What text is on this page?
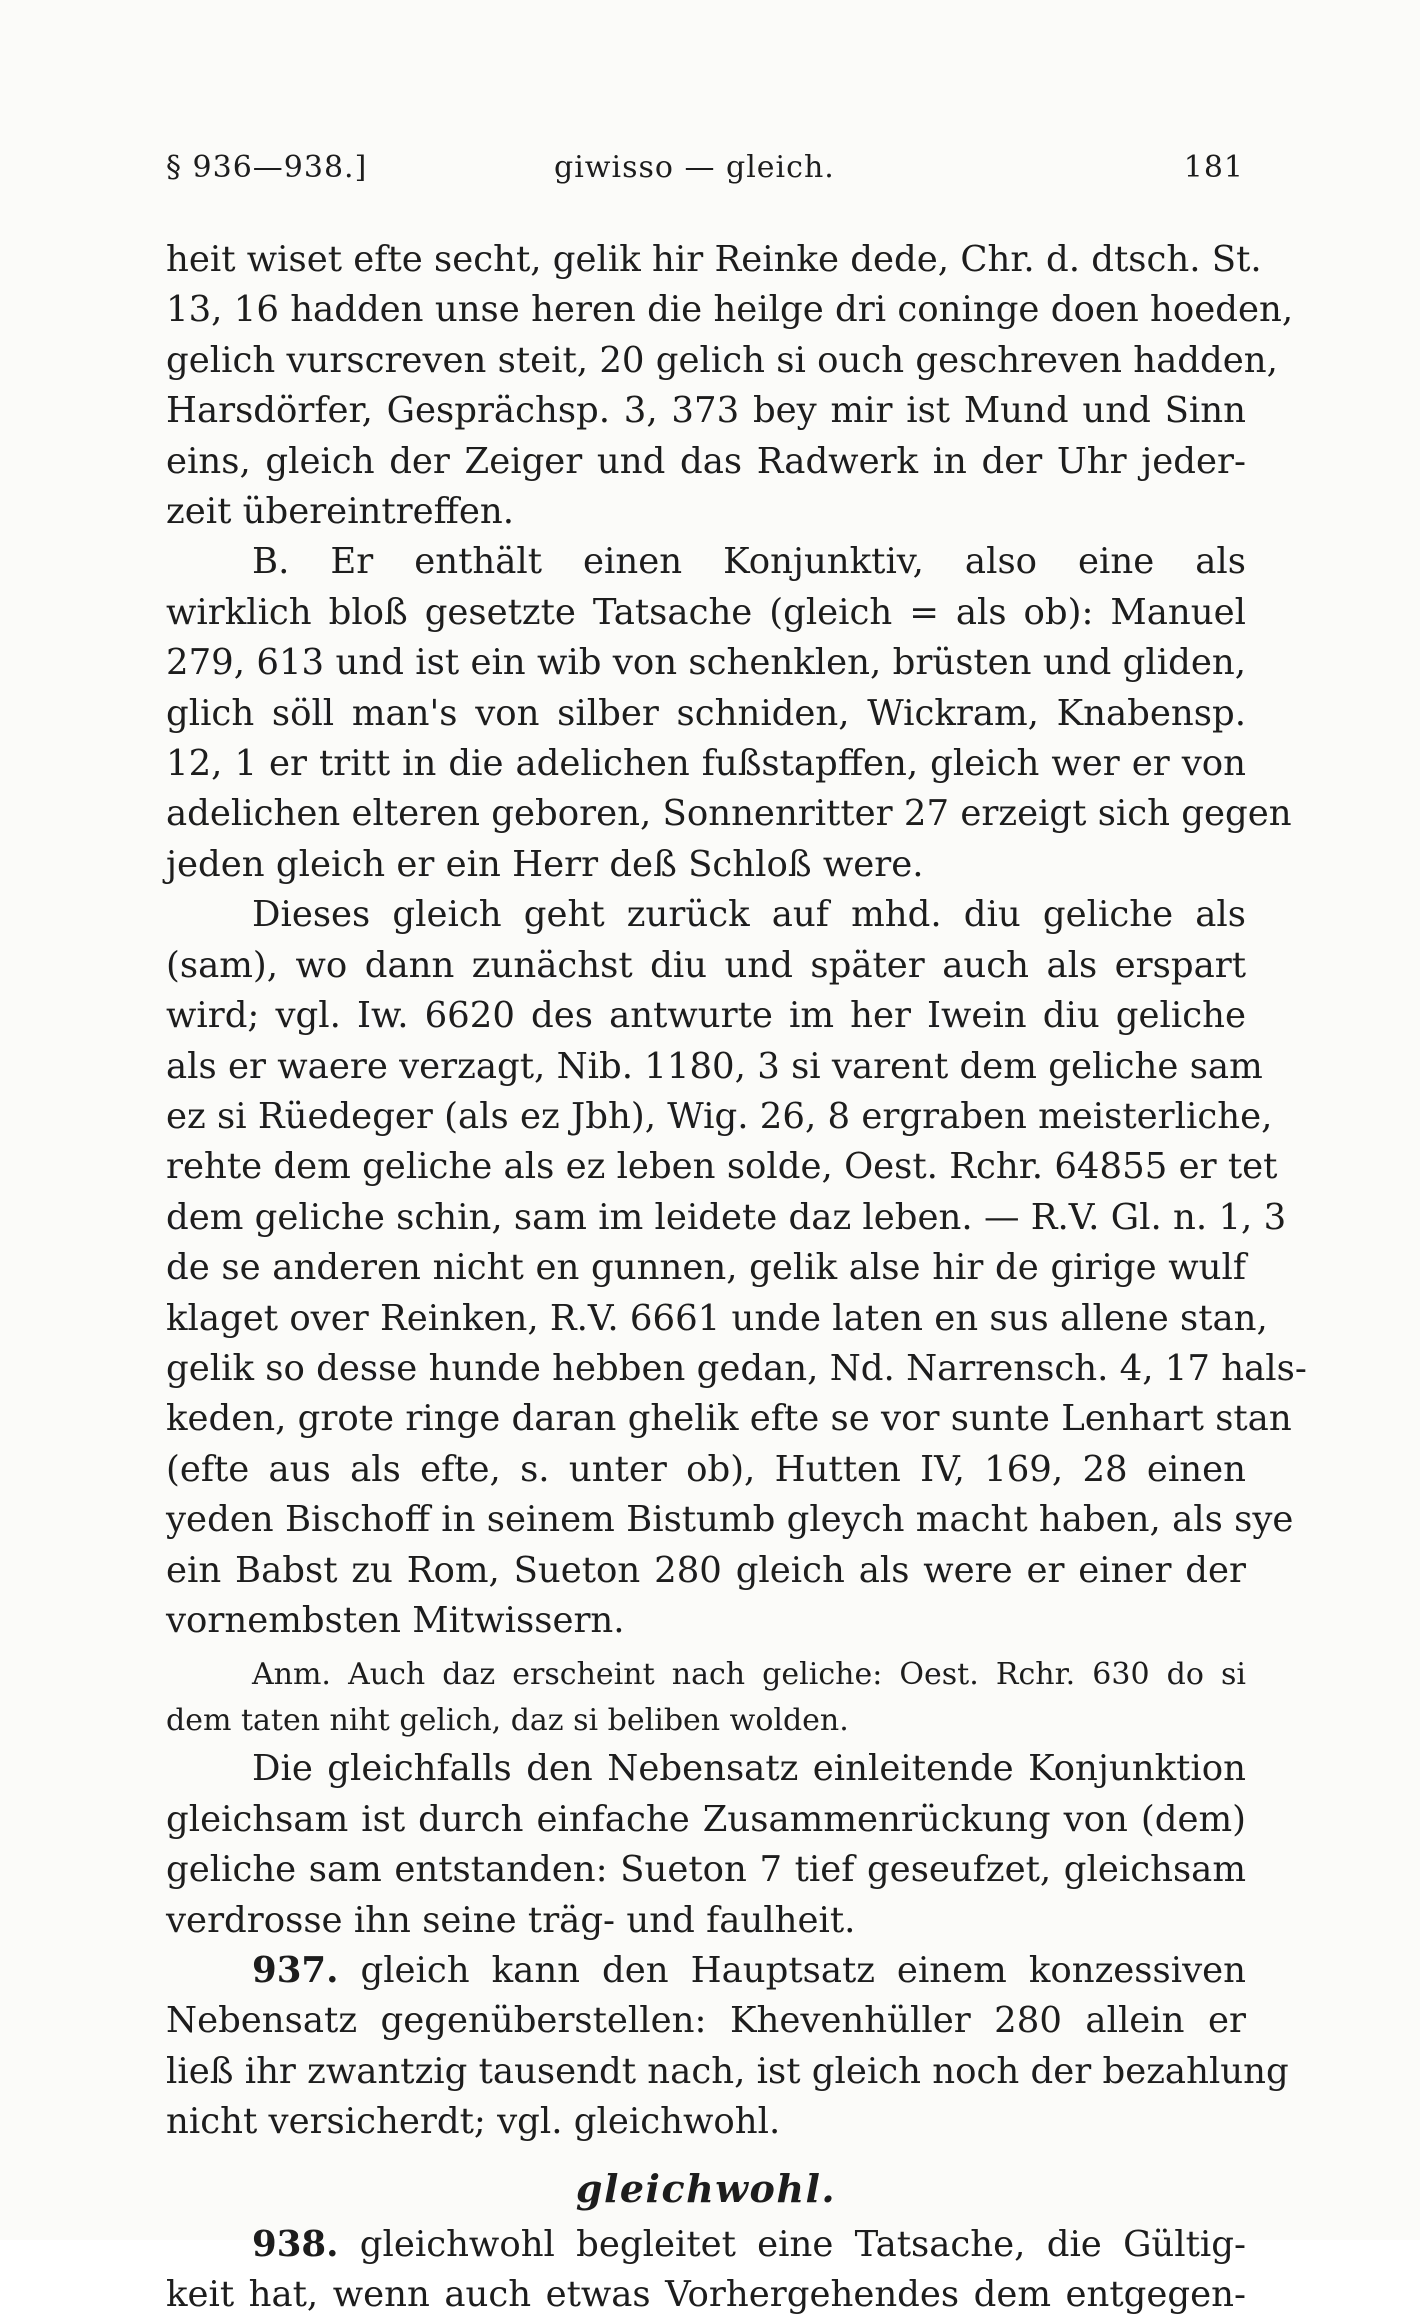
§ 936—938.]	giwisso — gleich.	181
heit wiset efte secht, gelik hir Reinke dede, Chr. d. dtsch. St.
13, 16 hadden unse heren die heilge dri coninge doen hoeden,
gelich vurscreven steit, 20 gelich si ouch geschreven hadden,
Harsdörfer, Gesprächsp. 3, 373 bey mir ist Mund und Sinn
eins, gleich der Zeiger und das Radwerk in der Uhr jeder-
zeit übereintreffen.
B. Er enthält einen Konjunktiv, also eine als
wirklich bloß gesetzte Tatsache (gleich = als ob): Manuel
279, 613 und ist ein wib von schenklen, brüsten und gliden,
glich söll man's von silber schniden, Wickram, Knabensp.
12, 1 er tritt in die adelichen fußstapffen, gleich wer er von
adelichen elteren geboren, Sonnenritter 27 erzeigt sich gegen
jeden gleich er ein Herr deß Schloß were.
Dieses gleich geht zurück auf mhd. diu geliche als
(sam), wo dann zunächst diu und später auch als erspart
wird; vgl. Iw. 6620 des antwurte im her Iwein diu geliche
als er waere verzagt, Nib. 1180, 3 si varent dem geliche sam
ez si Rüedeger (als ez Jbh), Wig. 26, 8 ergraben meisterliche,
rehte dem geliche als ez leben solde, Oest. Rchr. 64855 er tet
dem geliche schin, sam im leidete daz leben. — R.V. Gl. n. 1, 3
de se anderen nicht en gunnen, gelik alse hir de girige wulf
klaget over Reinken, R.V. 6661 unde laten en sus allene stan,
gelik so desse hunde hebben gedan, Nd. Narrensch. 4, 17 hals-
keden, grote ringe daran ghelik efte se vor sunte Lenhart stan
(efte aus als efte, s. unter ob), Hutten IV, 169, 28 einen
yeden Bischoff in seinem Bistumb gleych macht haben, als sye
ein Babst zu Rom, Sueton 280 gleich als were er einer der
vornembsten Mitwissern.
Anm. Auch daz erscheint nach geliche: Oest. Rchr. 630 do si
dem taten niht gelich, daz si beliben wolden.
Die gleichfalls den Nebensatz einleitende Konjunktion
gleichsam ist durch einfache Zusammenrückung von (dem)
geliche sam entstanden: Sueton 7 tief geseufzet, gleichsam
verdrosse ihn seine träg- und faulheit.
937. gleich kann den Hauptsatz einem konzessiven
Nebensatz gegenüberstellen: Khevenhüller 280 allein er
ließ ihr zwantzig tausendt nach, ist gleich noch der bezahlung
nicht versicherdt; vgl. gleichwohl.
gleichwohl.
938. gleichwohl begleitet eine Tatsache, die Gültig-
keit hat, wenn auch etwas Vorhergehendes dem entgegen-
